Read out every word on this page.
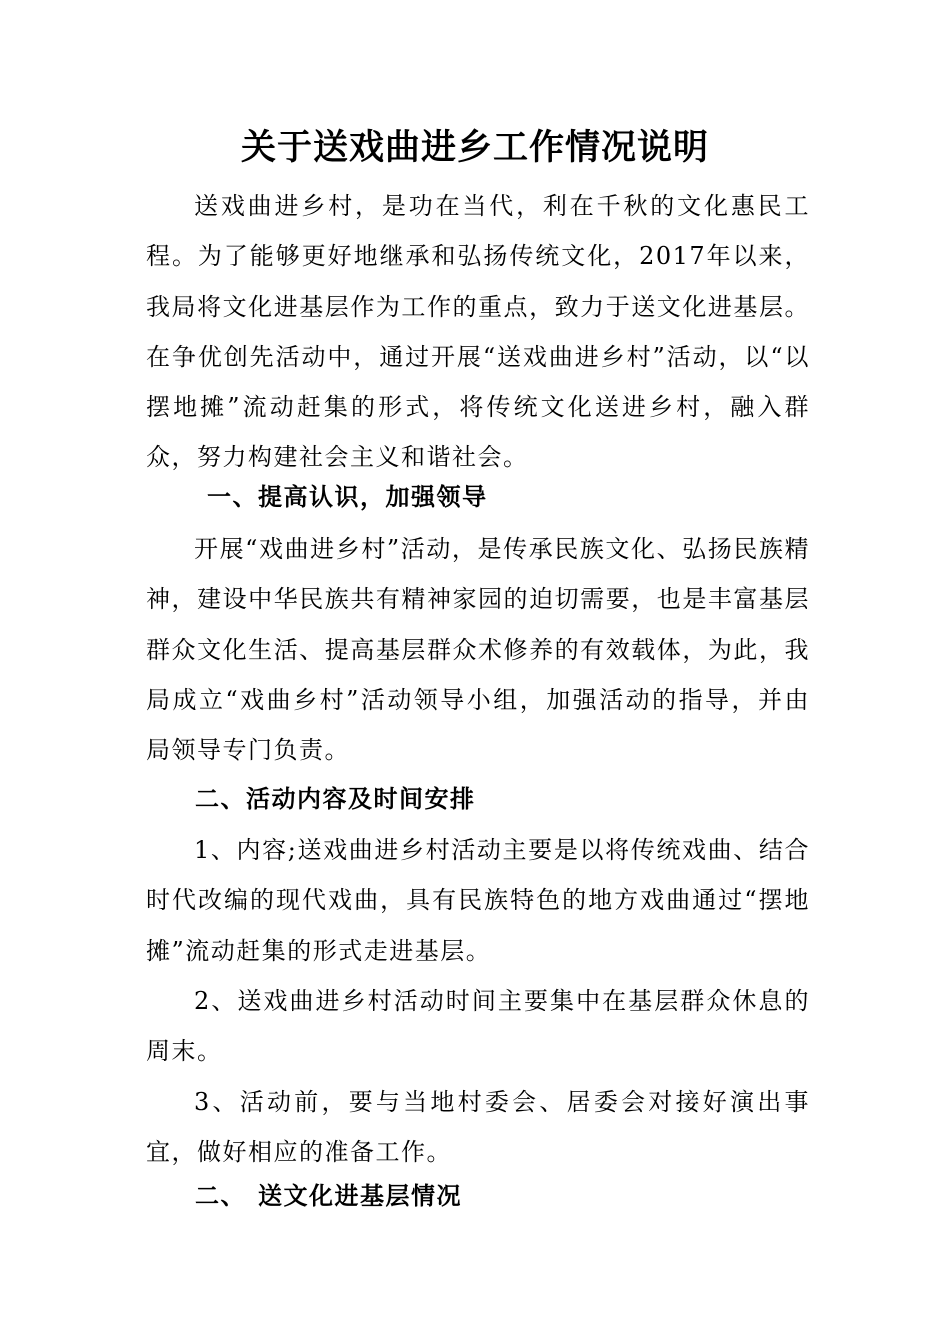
关于送戏曲进乡工作情况说明

送戏曲进乡村，是功在当代，利在千秋的文化惠民工程。为了能够更好地继承和弘扬传统文化，2017年以来，我局将文化进基层作为工作的重点，致力于送文化进基层。在争优创先活动中，通过开展“送戏曲进乡村”活动，以“以摆地摊”流动赶集的形式，将传统文化送进乡村，融入群众，努力构建社会主义和谐社会。

一、提高认识，加强领导

开展“戏曲进乡村”活动，是传承民族文化、弘扬民族精神，建设中华民族共有精神家园的迫切需要，也是丰富基层群众文化生活、提高基层群众术修养的有效载体，为此，我局成立“戏曲乡村”活动领导小组，加强活动的指导，并由局领导专门负责。

二、活动内容及时间安排

1、内容;送戏曲进乡村活动主要是以将传统戏曲、结合时代改编的现代戏曲，具有民族特色的地方戏曲通过“摆地摊”流动赶集的形式走进基层。

2、送戏曲进乡村活动时间主要集中在基层群众休息的周末。

3、活动前，要与当地村委会、居委会对接好演出事宜，做好相应的准备工作。

二、 送文化进基层情况
